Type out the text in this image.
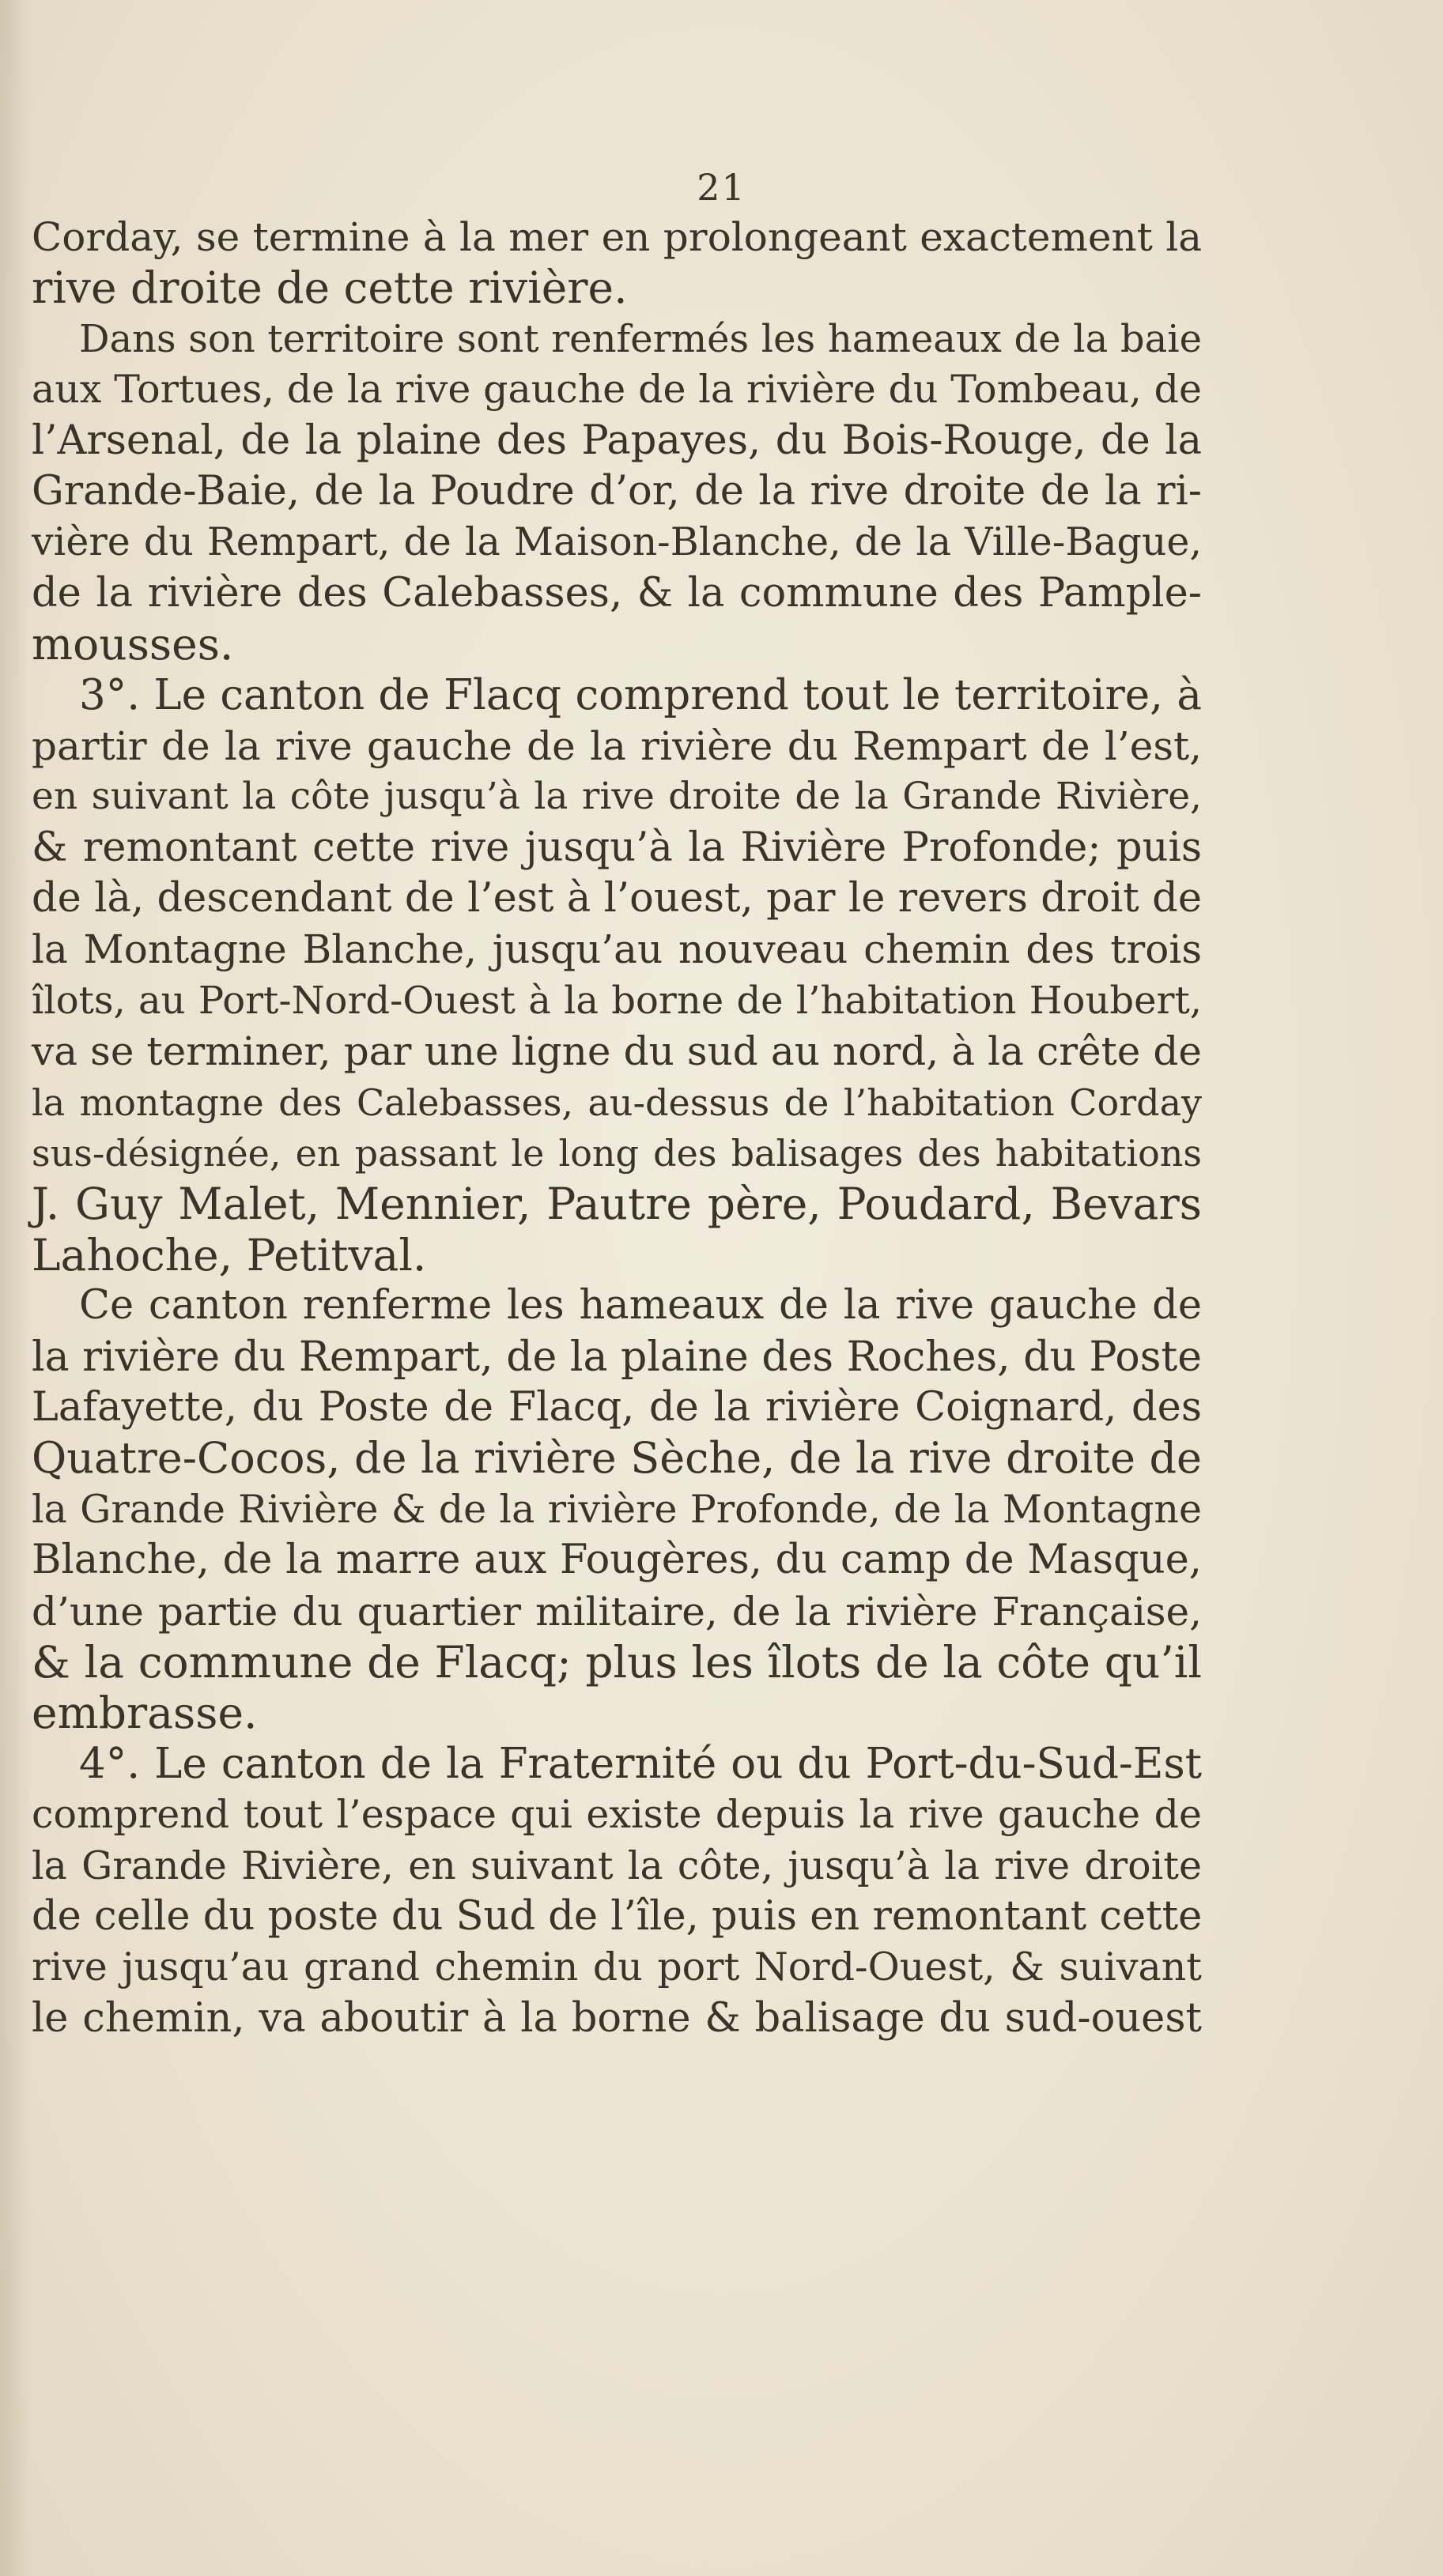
21
Corday, se termine à la mer en prolongeant exactement la
rive droite de cette rivière.
Dans son territoire sont renfermés les hameaux de la baie
aux Tortues, de la rive gauche de la rivière du Tombeau, de
l’Arsenal, de la plaine des Papayes, du Bois-Rouge, de la
Grande-Baie, de la Poudre d’or, de la rive droite de la ri-
vière du Rempart, de la Maison-Blanche, de la Ville-Bague,
de la rivière des Calebasses, & la commune des Pample-
mousses.
3°. Le canton de Flacq comprend tout le territoire, à
partir de la rive gauche de la rivière du Rempart de l’est,
en suivant la côte jusqu’à la rive droite de la Grande Rivière,
& remontant cette rive jusqu’à la Rivière Profonde; puis
de là, descendant de l’est à l’ouest, par le revers droit de
la Montagne Blanche, jusqu’au nouveau chemin des trois
îlots, au Port-Nord-Ouest à la borne de l’habitation Houbert,
va se terminer, par une ligne du sud au nord, à la crête de
la montagne des Calebasses, au-dessus de l’habitation Corday
sus-désignée, en passant le long des balisages des habitations
J. Guy Malet, Mennier, Pautre père, Poudard, Bevars
Lahoche, Petitval.
Ce canton renferme les hameaux de la rive gauche de
la rivière du Rempart, de la plaine des Roches, du Poste
Lafayette, du Poste de Flacq, de la rivière Coignard, des
Quatre-Cocos, de la rivière Sèche, de la rive droite de
la Grande Rivière & de la rivière Profonde, de la Montagne
Blanche, de la marre aux Fougères, du camp de Masque,
d’une partie du quartier militaire, de la rivière Française,
& la commune de Flacq; plus les îlots de la côte qu’il
embrasse.
4°. Le canton de la Fraternité ou du Port-du-Sud-Est
comprend tout l’espace qui existe depuis la rive gauche de
la Grande Rivière, en suivant la côte, jusqu’à la rive droite
de celle du poste du Sud de l’île, puis en remontant cette
rive jusqu’au grand chemin du port Nord-Ouest, & suivant
le chemin, va aboutir à la borne & balisage du sud-ouest
